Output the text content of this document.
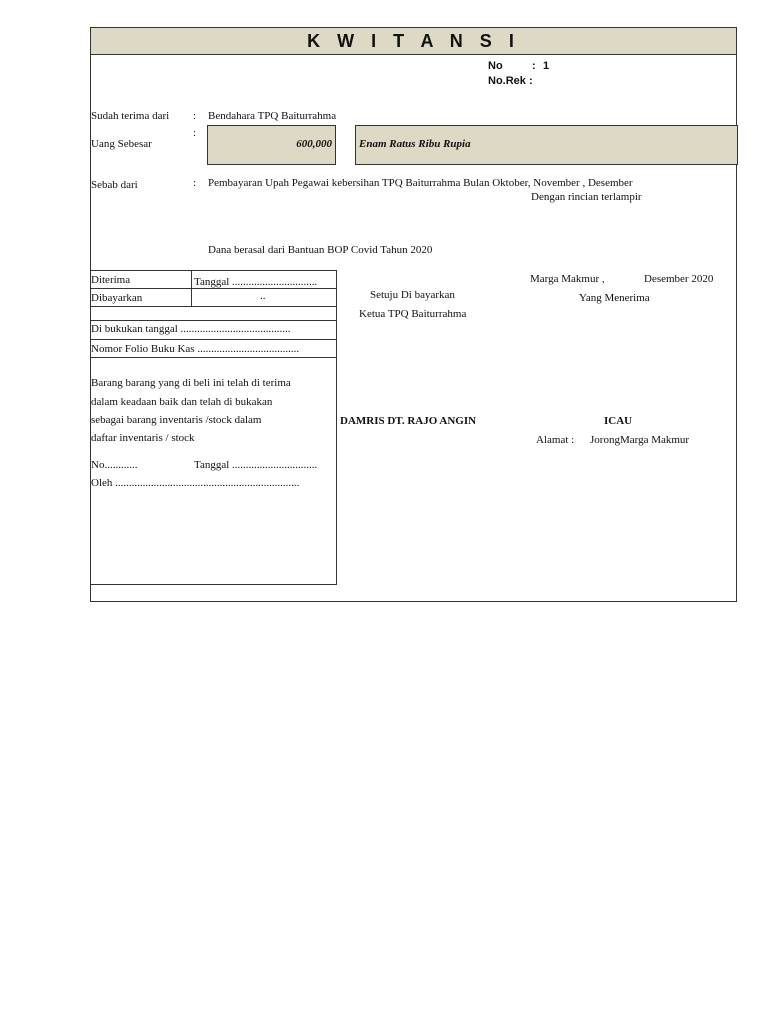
K W I T A N S I
No	: 1
No.Rek :
Sudah terima dari : Bendahara TPQ Baiturrahma
Uang Sebesar
:
600,000 Enam Ratus Ribu Rupia
Sebab dari	: Pembayaran Upah Pegawai kebersihan TPQ Baiturrahma Bulan Oktober, November , Desember
Dengan rincian terlampir
Dana berasal dari Bantuan BOP Covid Tahun 2020
Diterima	Tanggal ...............................
Dibayarkan	..
Di bukukan tanggal ........................................
Nomor Folio Buku Kas .....................................
Barang barang yang di beli ini telah di terima
dalam keadaan baik dan telah di bukakan
sebagai barang inventaris /stock dalam
daftar inventaris / stock
No............	Tanggal ...............................
Oleh ...................................................................
Setuju Di bayarkan
Ketua TPQ Baiturrahma
DAMRIS DT. RAJO ANGIN
Marga Makmur ,	Desember 2020
Yang Menerima
ICAU
Alamat : JorongMarga Makmur
